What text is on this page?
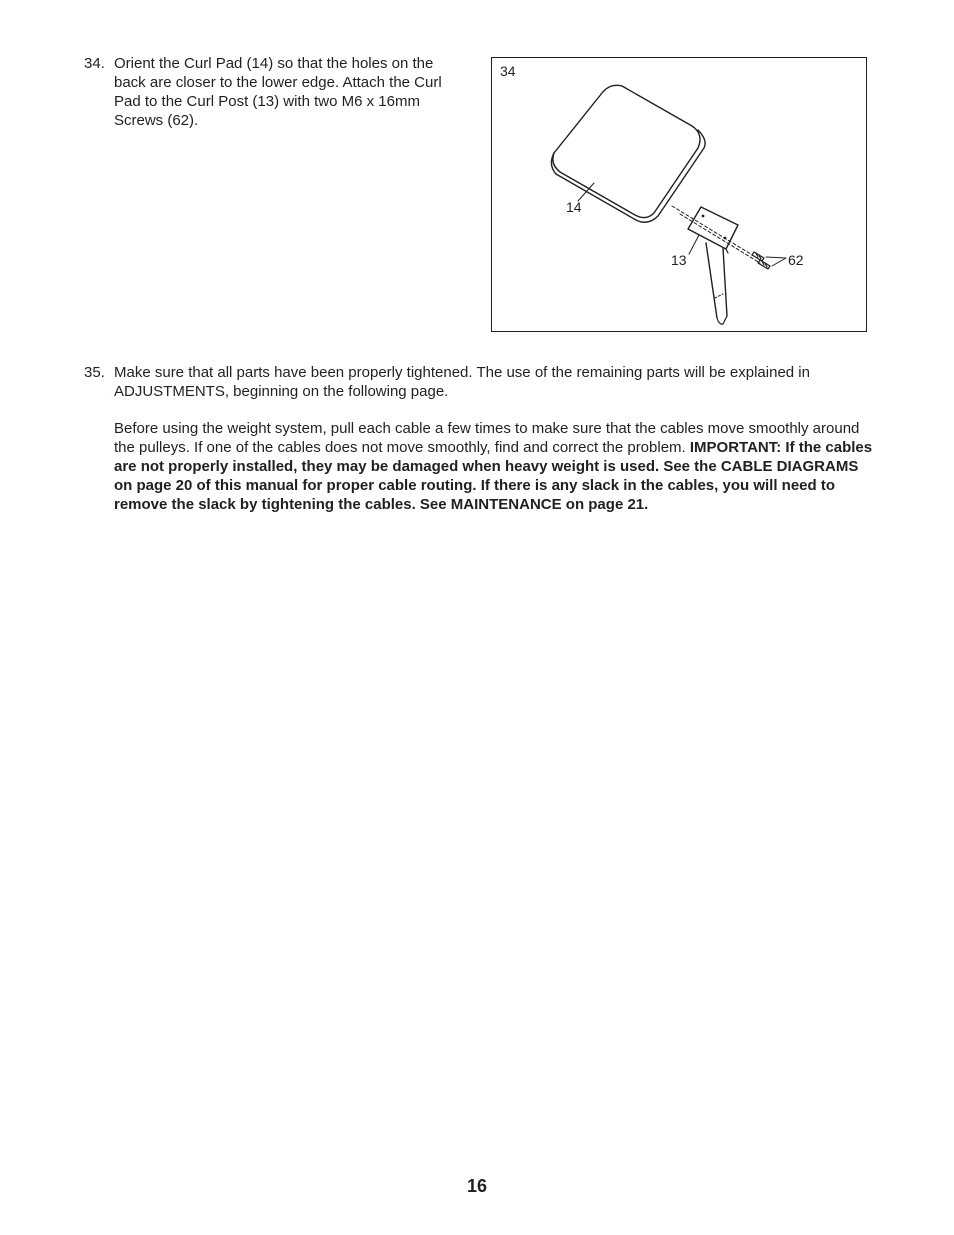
34. Orient the Curl Pad (14) so that the holes on the back are closer to the lower edge. Attach the Curl Pad to the Curl Post (13) with two M6 x 16mm Screws (62).
34
14
13	62
35. Make sure that all parts have been properly tightened. The use of the remaining parts will be explained in ADJUSTMENTS, beginning on the following page.

Before using the weight system, pull each cable a few times to make sure that the cables move smoothly around the pulleys. If one of the cables does not move smoothly, find and correct the problem. IMPORTANT: If the cables are not properly installed, they may be damaged when heavy weight is used. See the CABLE DIAGRAMS on page 20 of this manual for proper cable routing. If there is any slack in the cables, you will need to remove the slack by tightening the cables. See MAINTENANCE on page 21.

16
